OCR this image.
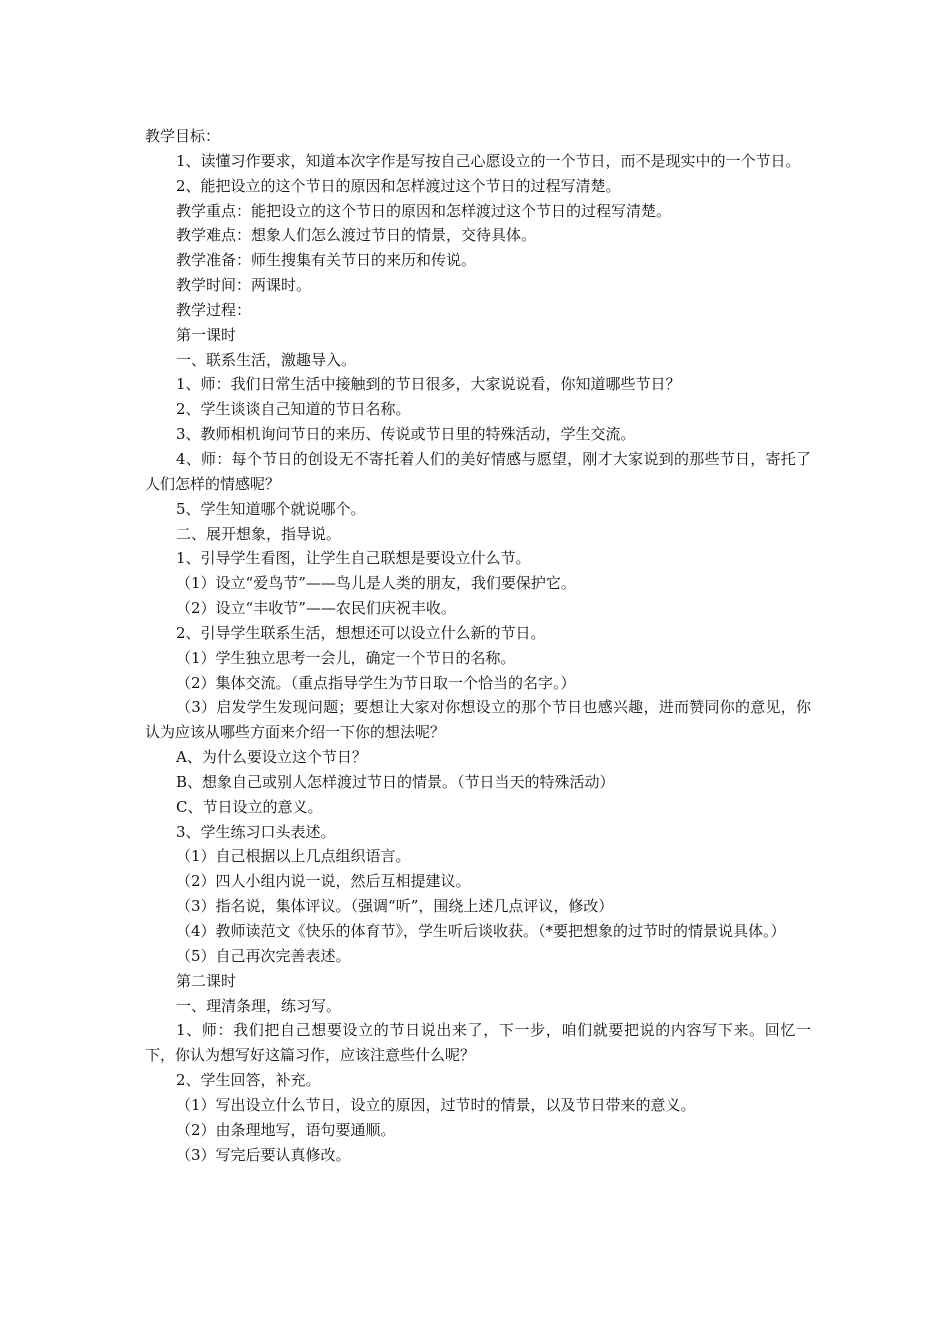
教学目标：

1、读懂习作要求，知道本次字作是写按自己心愿设立的一个节日，而不是现实中的一个节日。

2、能把设立的这个节日的原因和怎样渡过这个节日的过程写清楚。

教学重点：能把设立的这个节日的原因和怎样渡过这个节日的过程写清楚。

教学难点：想象人们怎么渡过节日的情景，交待具体。

教学准备：师生搜集有关节日的来历和传说。

教学时间：两课时。

教学过程：

第一课时

一、联系生活，激趣导入。

1、师：我们日常生活中接触到的节日很多，大家说说看，你知道哪些节日？

2、学生谈谈自己知道的节日名称。

3、教师相机询问节日的来历、传说或节日里的特殊活动，学生交流。

4、师：每个节日的创设无不寄托着人们的美好情感与愿望，刚才大家说到的那些节日，寄托了人们怎样的情感呢？

5、学生知道哪个就说哪个。

二、展开想象，指导说。

1、引导学生看图，让学生自己联想是要设立什么节。

（1）设立“爱鸟节”——鸟儿是人类的朋友，我们要保护它。

（2）设立“丰收节”——农民们庆祝丰收。

2、引导学生联系生活，想想还可以设立什么新的节日。

（1）学生独立思考一会儿，确定一个节日的名称。

（2）集体交流。（重点指导学生为节日取一个恰当的名字。）

（3）启发学生发现问题；要想让大家对你想设立的那个节日也感兴趣，进而赞同你的意见，你认为应该从哪些方面来介绍一下你的想法呢？

A、为什么要设立这个节日？

B、想象自己或别人怎样渡过节日的情景。（节日当天的特殊活动）

C、节日设立的意义。

3、学生练习口头表述。

（1）自己根据以上几点组织语言。

（2）四人小组内说一说，然后互相提建议。

（3）指名说，集体评议。（强调“听”，围绕上述几点评议，修改）

（4）教师读范文《快乐的体育节》，学生听后谈收获。（*要把想象的过节时的情景说具体。）

（5）自己再次完善表述。

第二课时

一、理清条理，练习写。

1、师：我们把自己想要设立的节日说出来了，下一步，咱们就要把说的内容写下来。回忆一下，你认为想写好这篇习作，应该注意些什么呢？

2、学生回答，补充。

（1）写出设立什么节日，设立的原因，过节时的情景，以及节日带来的意义。

（2）由条理地写，语句要通顺。

（3）写完后要认真修改。
